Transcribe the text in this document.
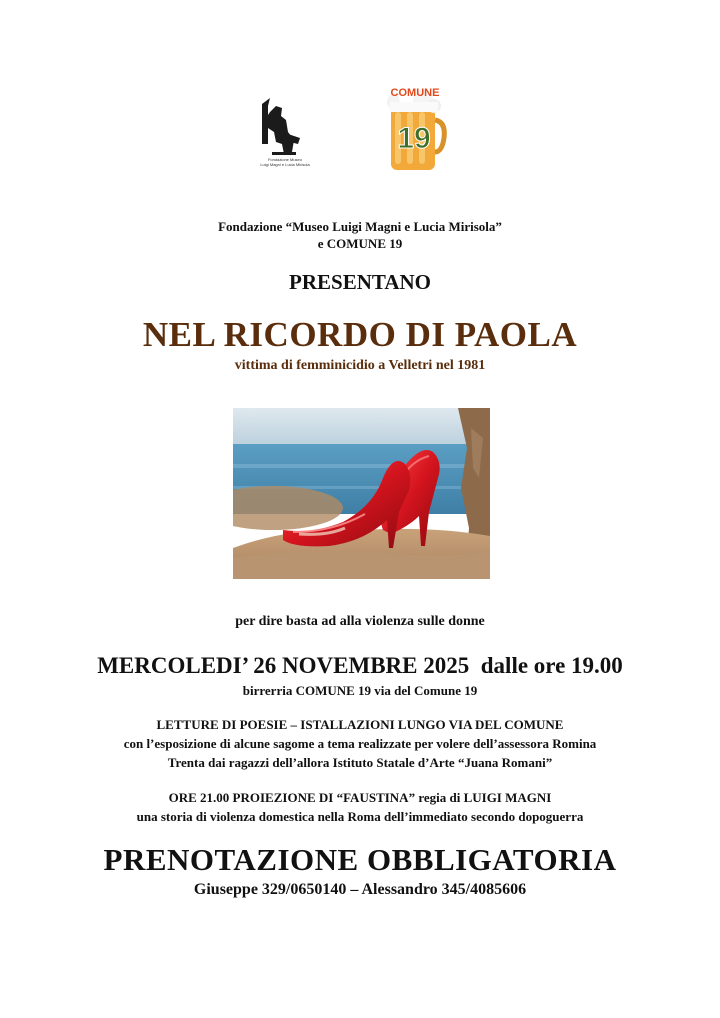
Fondazione Museo
Luigi Magni e Lucia Mirisola
COMUNE
19
Fondazione “Museo Luigi Magni e Lucia Mirisola”
e COMUNE 19
PRESENTANO
NEL RICORDO DI PAOLA
vittima di femminicidio a Velletri nel 1981
per dire basta ad alla violenza sulle donne
MERCOLEDI’ 26 NOVEMBRE 2025  dalle ore 19.00
birrerria COMUNE 19 via del Comune 19
LETTURE DI POESIE – ISTALLAZIONI LUNGO VIA DEL COMUNE
con l’esposizione di alcune sagome a tema realizzate per volere dell’assessora Romina
Trenta dai ragazzi dell’allora Istituto Statale d’Arte “Juana Romani”
ORE 21.00 PROIEZIONE DI “FAUSTINA” regia di LUIGI MAGNI
una storia di violenza domestica nella Roma dell’immediato secondo dopoguerra
PRENOTAZIONE OBBLIGATORIA
Giuseppe 329/0650140 – Alessandro 345/4085606
